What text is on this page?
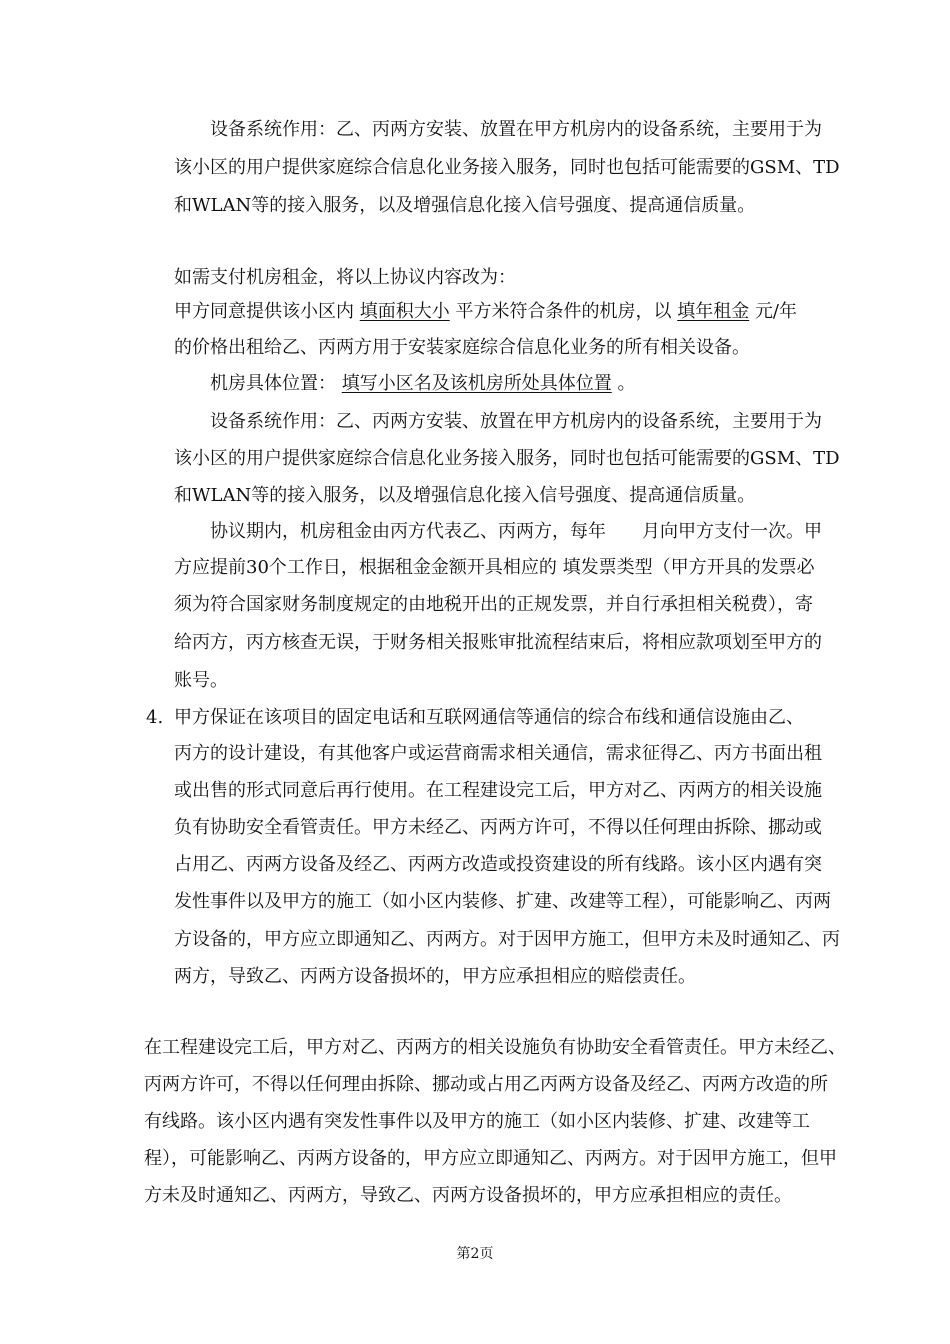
设备系统作用：乙、丙两方安装、放置在甲方机房内的设备系统，主要用于为
该小区的用户提供家庭综合信息化业务接入服务，同时也包括可能需要的GSM、TD
和WLAN等的接入服务，以及增强信息化接入信号强度、提高通信质量。
如需支付机房租金，将以上协议内容改为：
甲方同意提供该小区内 填面积大小 平方米符合条件的机房，以 填年租金 元/年
的价格出租给乙、丙两方用于安装家庭综合信息化业务的所有相关设备。
机房具体位置： 填写小区名及该机房所处具体位置 。
设备系统作用：乙、丙两方安装、放置在甲方机房内的设备系统，主要用于为
该小区的用户提供家庭综合信息化业务接入服务，同时也包括可能需要的GSM、TD
和WLAN等的接入服务，以及增强信息化接入信号强度、提高通信质量。
协议期内，机房租金由丙方代表乙、丙两方，每年　　月向甲方支付一次。甲
方应提前30个工作日，根据租金金额开具相应的 填发票类型（甲方开具的发票必
须为符合国家财务制度规定的由地税开出的正规发票，并自行承担相关税费），寄
给丙方，丙方核查无误，于财务相关报账审批流程结束后，将相应款项划至甲方的
账号。
4. 甲方保证在该项目的固定电话和互联网通信等通信的综合布线和通信设施由乙、
丙方的设计建设，有其他客户或运营商需求相关通信，需求征得乙、丙方书面出租
或出售的形式同意后再行使用。在工程建设完工后，甲方对乙、丙两方的相关设施
负有协助安全看管责任。甲方未经乙、丙两方许可，不得以任何理由拆除、挪动或
占用乙、丙两方设备及经乙、丙两方改造或投资建设的所有线路。该小区内遇有突
发性事件以及甲方的施工（如小区内装修、扩建、改建等工程），可能影响乙、丙两
方设备的，甲方应立即通知乙、丙两方。对于因甲方施工，但甲方未及时通知乙、丙
两方，导致乙、丙两方设备损坏的，甲方应承担相应的赔偿责任。
在工程建设完工后，甲方对乙、丙两方的相关设施负有协助安全看管责任。甲方未经乙、
丙两方许可，不得以任何理由拆除、挪动或占用乙丙两方设备及经乙、丙两方改造的所
有线路。该小区内遇有突发性事件以及甲方的施工（如小区内装修、扩建、改建等工
程），可能影响乙、丙两方设备的，甲方应立即通知乙、丙两方。对于因甲方施工，但甲
方未及时通知乙、丙两方，导致乙、丙两方设备损坏的，甲方应承担相应的责任。
第2页
